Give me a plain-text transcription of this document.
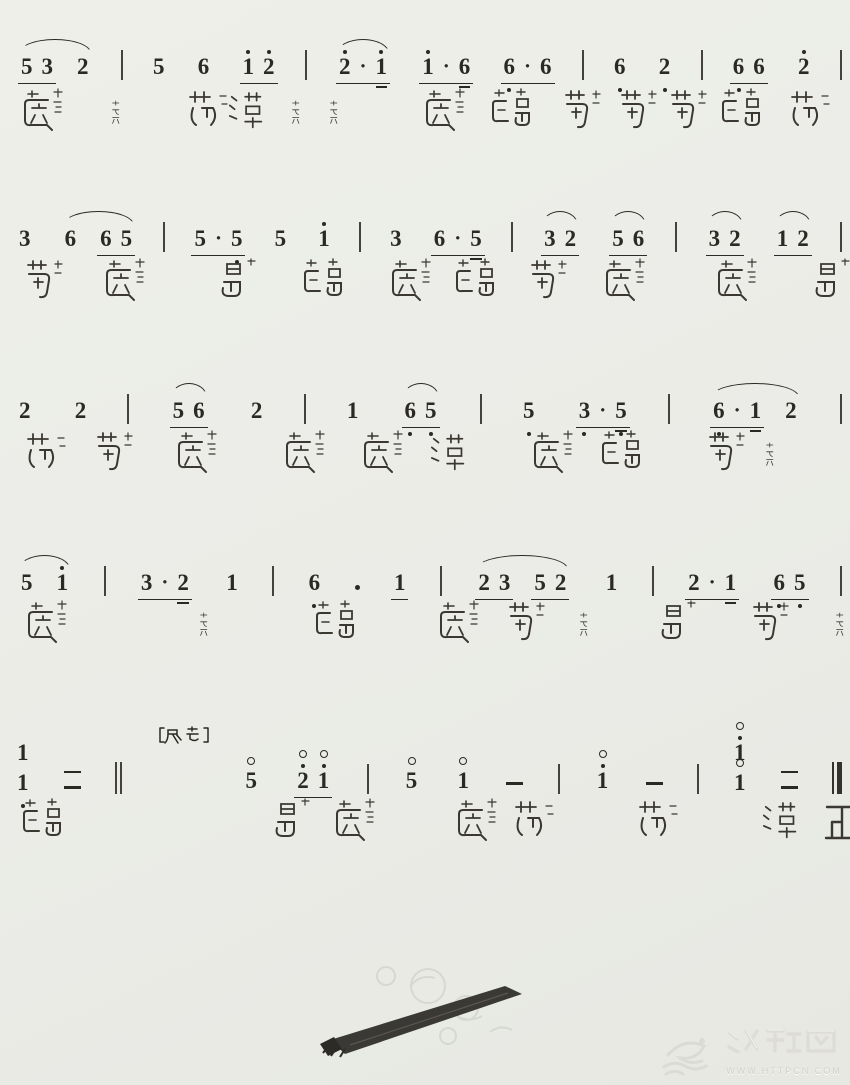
5 3 2	5 6 1 2	2 · 1 1 · 6 6 · 6	6 2	6 6 2
3 6 6 5	5 · 5 5 1	3 6 · 5	3 2 5 6	3 2 1 2
2 2	5 6 2	1 6 5	5 3 · 5	6 · 1 2
5 1	3 · 2 1	6	1	2 3 5 2 1	2 · 1 6 5
1
1	5 2 1	5 1	1
1
1
WWW.HTTPCN.COM
